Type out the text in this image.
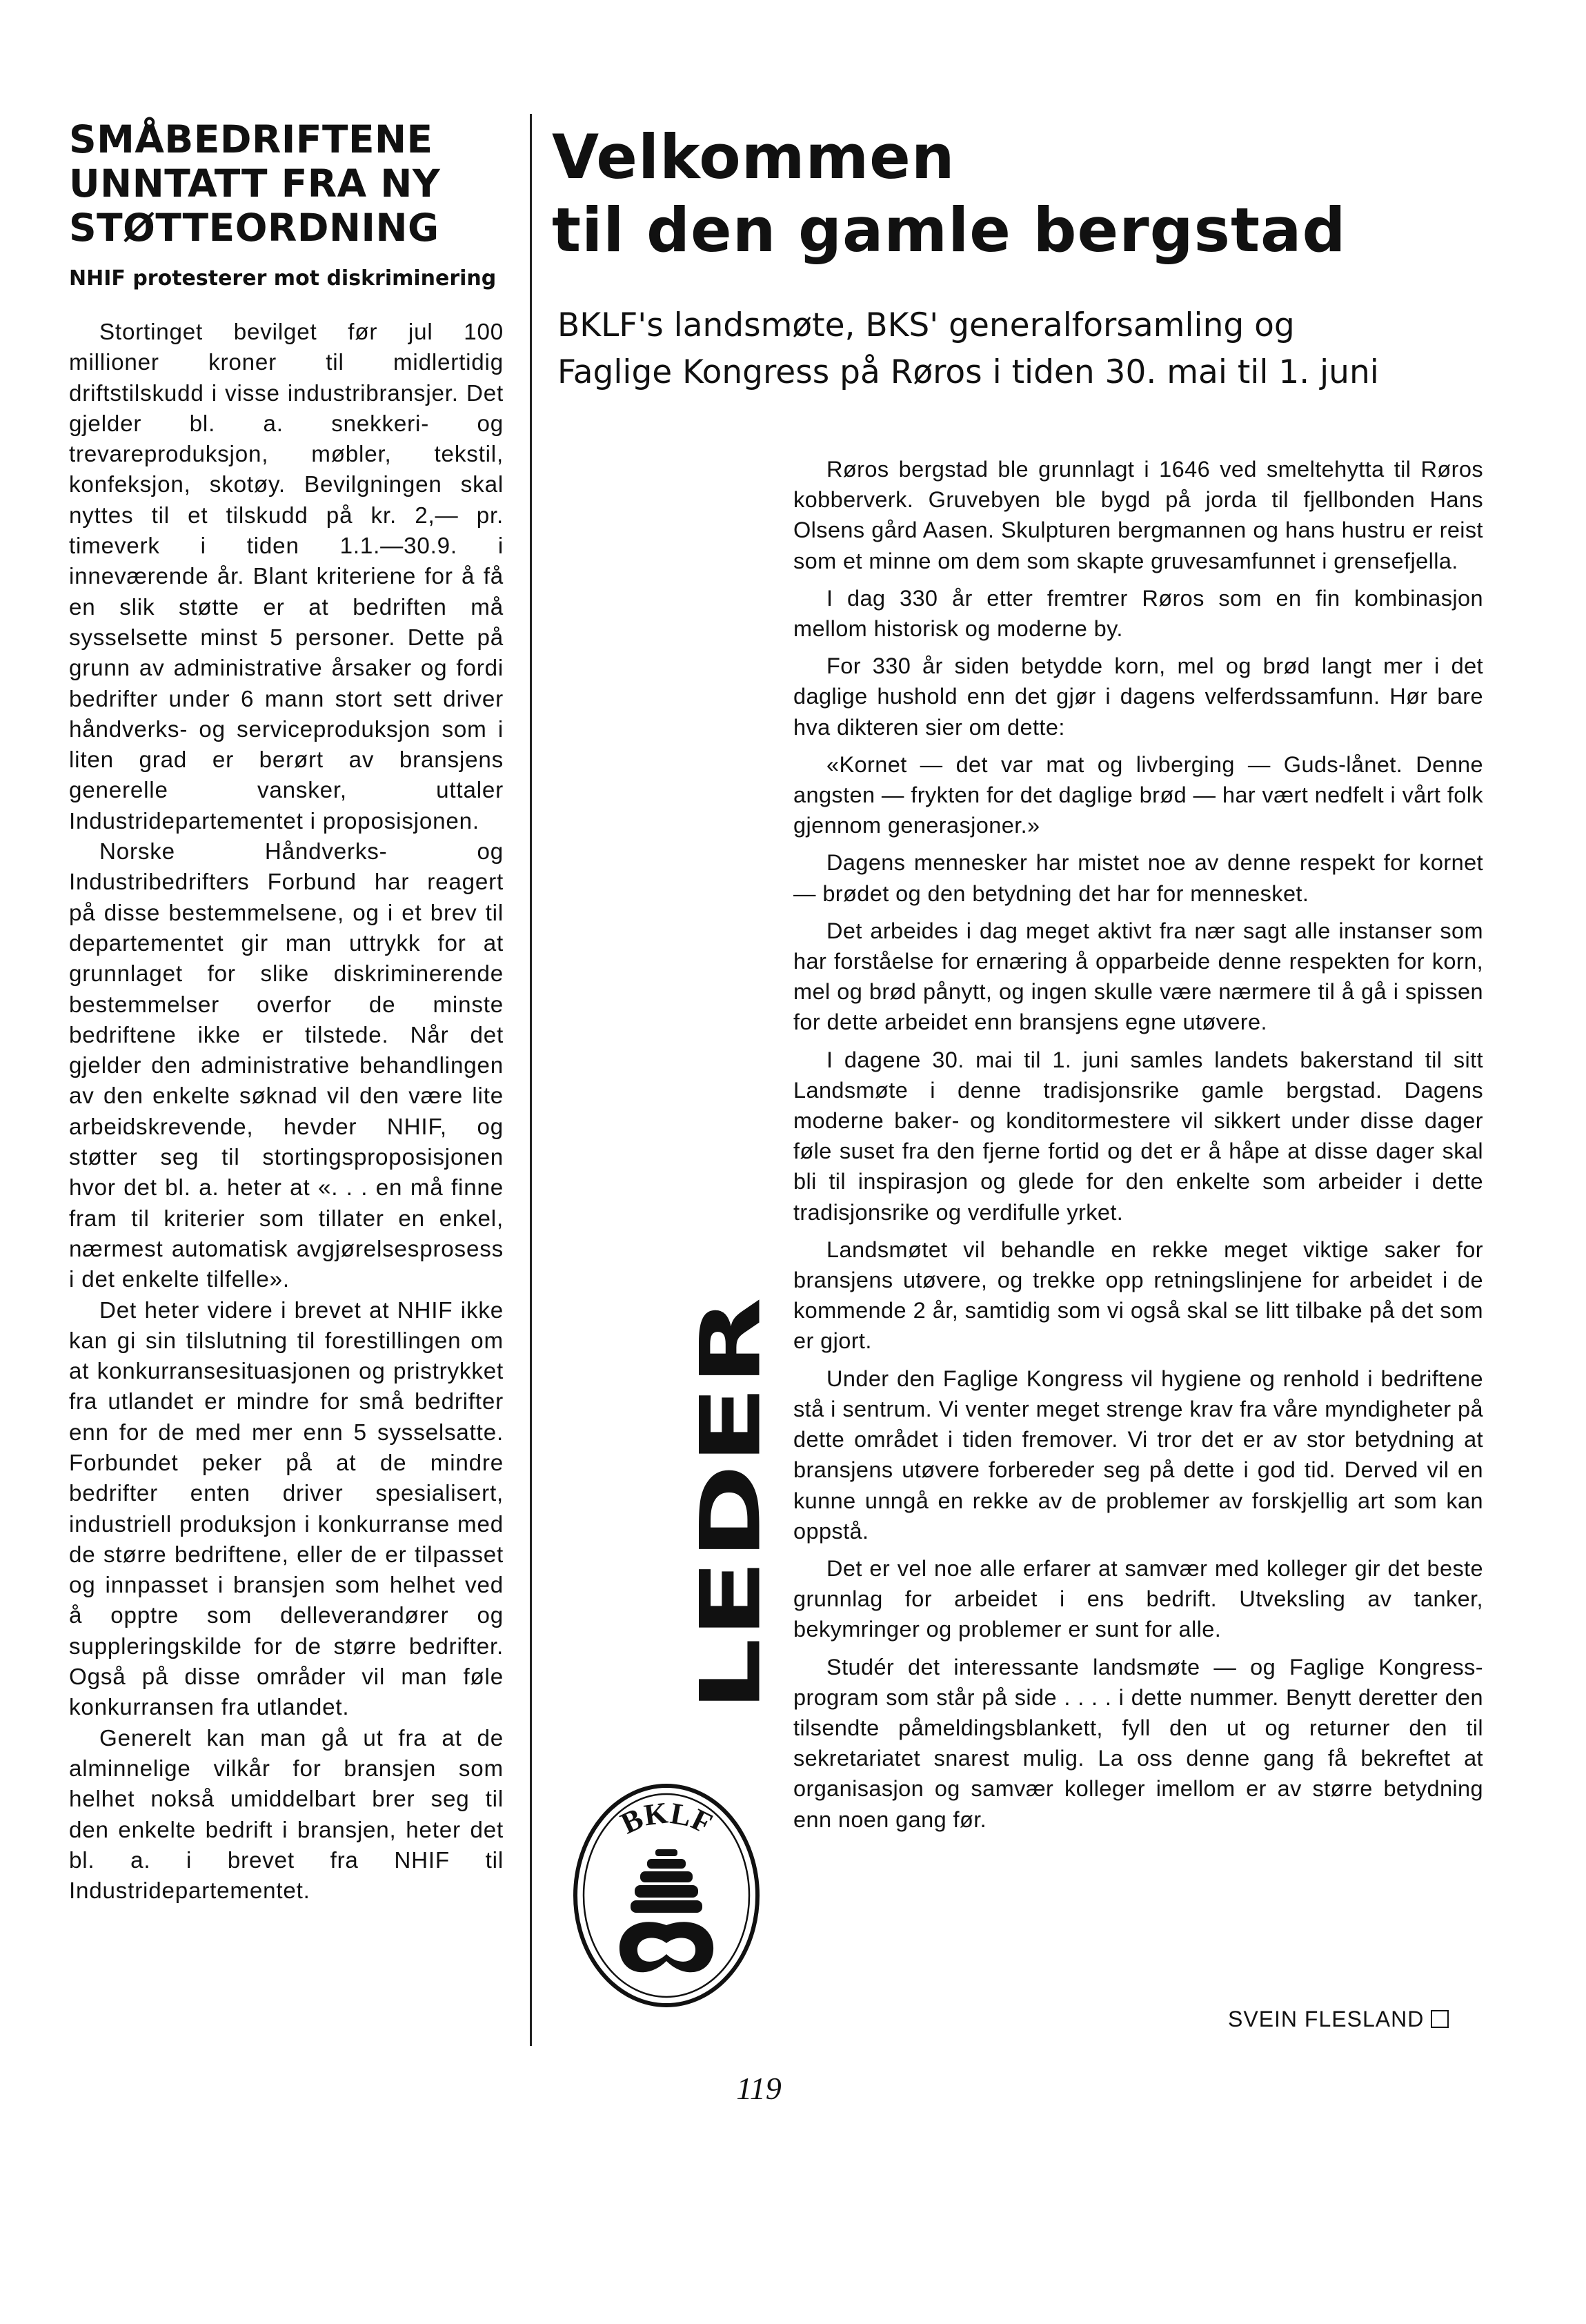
SMÅBEDRIFTENE UNNTATT FRA NY STØTTEORDNING
NHIF protesterer mot diskriminering

Stortinget bevilget før jul 100 millioner kroner til midlertidig driftstilskudd i visse industribransjer. Det gjelder bl. a. snekkeri- og trevareproduksjon, møbler, tekstil, konfeksjon, skotøy. Bevilgningen skal nyttes til et tilskudd på kr. 2,— pr. timeverk i tiden 1.1.—30.9. i inneværende år. Blant kriteriene for å få en slik støtte er at bedriften må sysselsette minst 5 personer. Dette på grunn av administrative årsaker og fordi bedrifter under 6 mann stort sett driver håndverks- og serviceproduksjon som i liten grad er berørt av bransjens generelle vansker, uttaler Industridepartementet i proposisjonen.

Norske Håndverks- og Industribedrifters Forbund har reagert på disse bestemmelsene, og i et brev til departementet gir man uttrykk for at grunnlaget for slike diskriminerende bestemmelser overfor de minste bedriftene ikke er tilstede. Når det gjelder den administrative behandlingen av den enkelte søknad vil den være lite arbeidskrevende, hevder NHIF, og støtter seg til stortingsproposisjonen hvor det bl. a. heter at «. . . en må finne fram til kriterier som tillater en enkel, nærmest automatisk avgjørelsesprosess i det enkelte tilfelle».

Det heter videre i brevet at NHIF ikke kan gi sin tilslutning til forestillingen om at konkurransesituasjonen og pristrykket fra utlandet er mindre for små bedrifter enn for de med mer enn 5 sysselsatte. Forbundet peker på at de mindre bedrifter enten driver spesialisert, industriell produksjon i konkurranse med de større bedriftene, eller de er tilpasset og innpasset i bransjen som helhet ved å opptre som delleverandører og suppleringskilde for de større bedrifter. Også på disse områder vil man føle konkurransen fra utlandet.

Generelt kan man gå ut fra at de alminnelige vilkår for bransjen som helhet nokså umiddelbart brer seg til den enkelte bedrift i bransjen, heter det bl. a. i brevet fra NHIF til Industridepartementet.

Velkommen
til den gamle bergstad
BKLF's landsmøte, BKS' generalforsamling og
Faglige Kongress på Røros i tiden 30. mai til 1. juni

Røros bergstad ble grunnlagt i 1646 ved smeltehytta til Røros kobberverk. Gruvebyen ble bygd på jorda til fjellbonden Hans Olsens gård Aasen. Skulpturen bergmannen og hans hustru er reist som et minne om dem som skapte gruvesamfunnet i grensefjella.

I dag 330 år etter fremtrer Røros som en fin kombinasjon mellom historisk og moderne by.

For 330 år siden betydde korn, mel og brød langt mer i det daglige hushold enn det gjør i dagens velferdssamfunn. Hør bare hva dikteren sier om dette:

«Kornet — det var mat og livberging — Guds-lånet. Denne angsten — frykten for det daglige brød — har vært nedfelt i vårt folk gjennom generasjoner.»

Dagens mennesker har mistet noe av denne respekt for kornet — brødet og den betydning det har for mennesket.

Det arbeides i dag meget aktivt fra nær sagt alle instanser som har forståelse for ernæring å opparbeide denne respekten for korn, mel og brød pånytt, og ingen skulle være nærmere til å gå i spissen for dette arbeidet enn bransjens egne utøvere.

I dagene 30. mai til 1. juni samles landets bakerstand til sitt Landsmøte i denne tradisjonsrike gamle bergstad. Dagens moderne baker- og konditormestere vil sikkert under disse dager føle suset fra den fjerne fortid og det er å håpe at disse dager skal bli til inspirasjon og glede for den enkelte som arbeider i dette tradisjonsrike og verdifulle yrket.

Landsmøtet vil behandle en rekke meget viktige saker for bransjens utøvere, og trekke opp retningslinjene for arbeidet i de kommende 2 år, samtidig som vi også skal se litt tilbake på det som er gjort.

Under den Faglige Kongress vil hygiene og renhold i bedriftene stå i sentrum. Vi venter meget strenge krav fra våre myndigheter på dette området i tiden fremover. Vi tror det er av stor betydning at bransjens utøvere forbereder seg på dette i god tid. Derved vil en kunne unngå en rekke av de problemer av forskjellig art som kan oppstå.

Det er vel noe alle erfarer at samvær med kolleger gir det beste grunnlag for arbeidet i ens bedrift. Utveksling av tanker, bekymringer og problemer er sunt for alle.

Studér det interessante landsmøte — og Faglige Kongress-program som står på side . . . . i dette nummer. Benytt deretter den tilsendte påmeldingsblankett, fyll den ut og returner den til sekretariatet snarest mulig. La oss denne gang få bekreftet at organisasjon og samvær kolleger imellom er av større betydning enn noen gang før.

SVEIN FLESLAND
LEDER
BKLF
119
